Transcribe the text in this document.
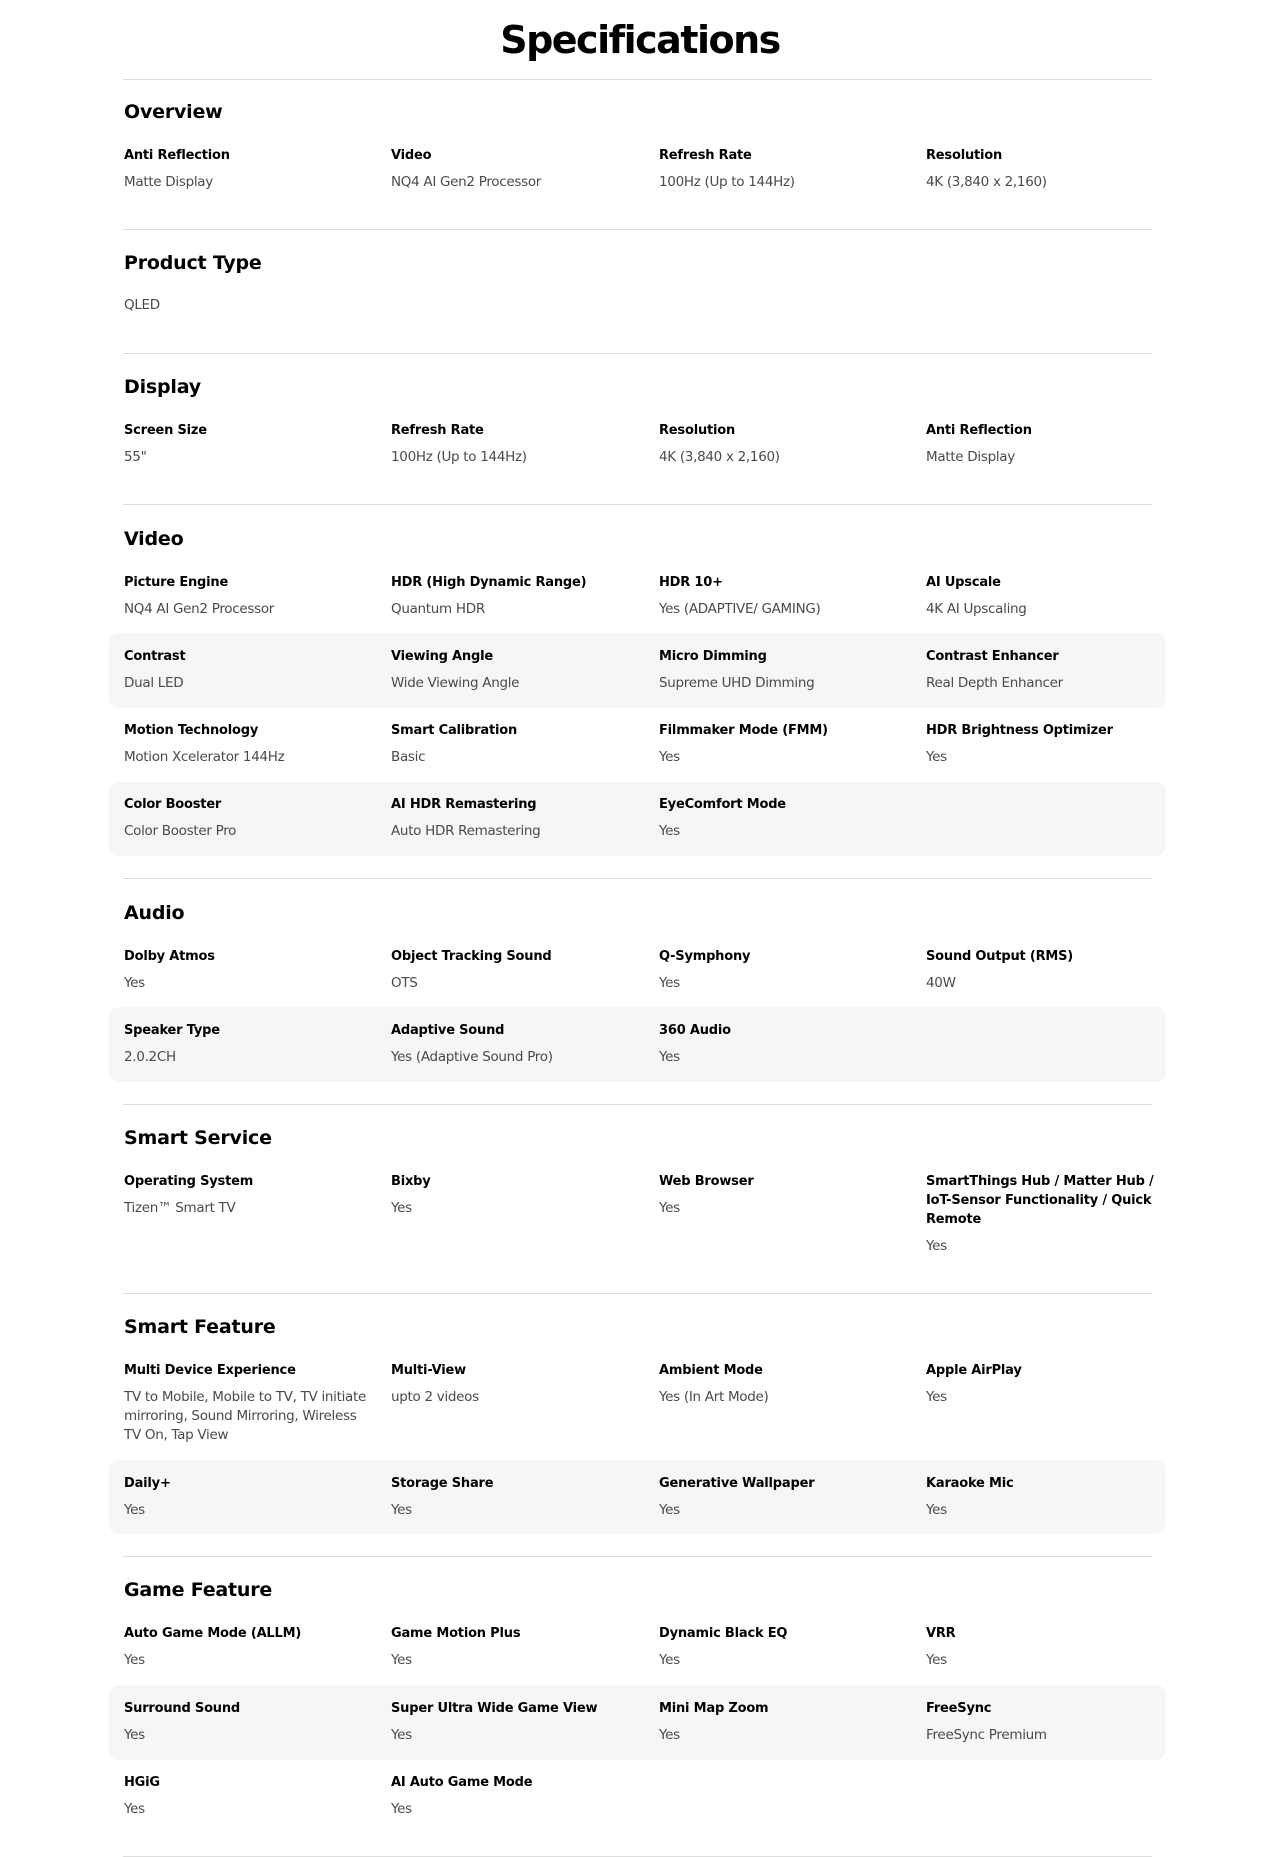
Specifications
Overview
Anti Reflection
Matte Display
Video
NQ4 AI Gen2 Processor
Refresh Rate
100Hz (Up to 144Hz)
Resolution
4K (3,840 x 2,160)
Product Type
QLED
Display
Screen Size
55"
Refresh Rate
100Hz (Up to 144Hz)
Resolution
4K (3,840 x 2,160)
Anti Reflection
Matte Display
Video
Picture Engine
NQ4 AI Gen2 Processor
HDR (High Dynamic Range)
Quantum HDR
HDR 10+
Yes (ADAPTIVE/ GAMING)
AI Upscale
4K AI Upscaling
Contrast
Dual LED
Viewing Angle
Wide Viewing Angle
Micro Dimming
Supreme UHD Dimming
Contrast Enhancer
Real Depth Enhancer
Motion Technology
Motion Xcelerator 144Hz
Smart Calibration
Basic
Filmmaker Mode (FMM)
Yes
HDR Brightness Optimizer
Yes
Color Booster
Color Booster Pro
AI HDR Remastering
Auto HDR Remastering
EyeComfort Mode
Yes
Audio
Dolby Atmos
Yes
Object Tracking Sound
OTS
Q-Symphony
Yes
Sound Output (RMS)
40W
Speaker Type
2.0.2CH
Adaptive Sound
Yes (Adaptive Sound Pro)
360 Audio
Yes
Smart Service
Operating System
Tizen™ Smart TV
Bixby
Yes
Web Browser
Yes
SmartThings Hub / Matter Hub / IoT-Sensor Functionality / Quick Remote
Yes
Smart Feature
Multi Device Experience
TV to Mobile, Mobile to TV, TV initiate mirroring, Sound Mirroring, Wireless TV On, Tap View
Multi-View
upto 2 videos
Ambient Mode
Yes (In Art Mode)
Apple AirPlay
Yes
Daily+
Yes
Storage Share
Yes
Generative Wallpaper
Yes
Karaoke Mic
Yes
Game Feature
Auto Game Mode (ALLM)
Yes
Game Motion Plus
Yes
Dynamic Black EQ
Yes
VRR
Yes
Surround Sound
Yes
Super Ultra Wide Game View
Yes
Mini Map Zoom
Yes
FreeSync
FreeSync Premium
HGiG
Yes
AI Auto Game Mode
Yes
